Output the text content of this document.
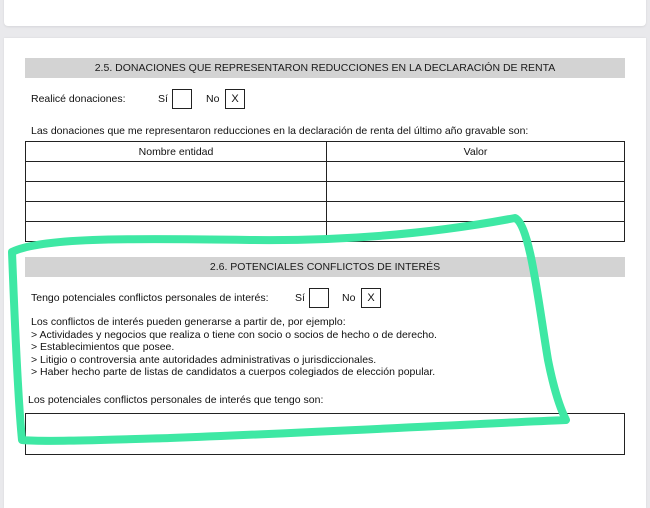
2.5. DONACIONES QUE REPRESENTARON REDUCCIONES EN LA DECLARACIÓN DE RENTA
Realicé donaciones:	Sí	No	X
Las donaciones que me representaron reducciones en la declaración de renta del último año gravable son:
Nombre entidad	Valor

2.6. POTENCIALES CONFLICTOS DE INTERÉS
Tengo potenciales conflictos personales de interés:	Sí	No	X
Los conflictos de interés pueden generarse a partir de, por ejemplo:
> Actividades y negocios que realiza o tiene con socio o socios de hecho o de derecho.
> Establecimientos que posee.
> Litigio o controversia ante autoridades administrativas o jurisdiccionales.
> Haber hecho parte de listas de candidatos a cuerpos colegiados de elección popular.
Los potenciales conflictos personales de interés que tengo son:
